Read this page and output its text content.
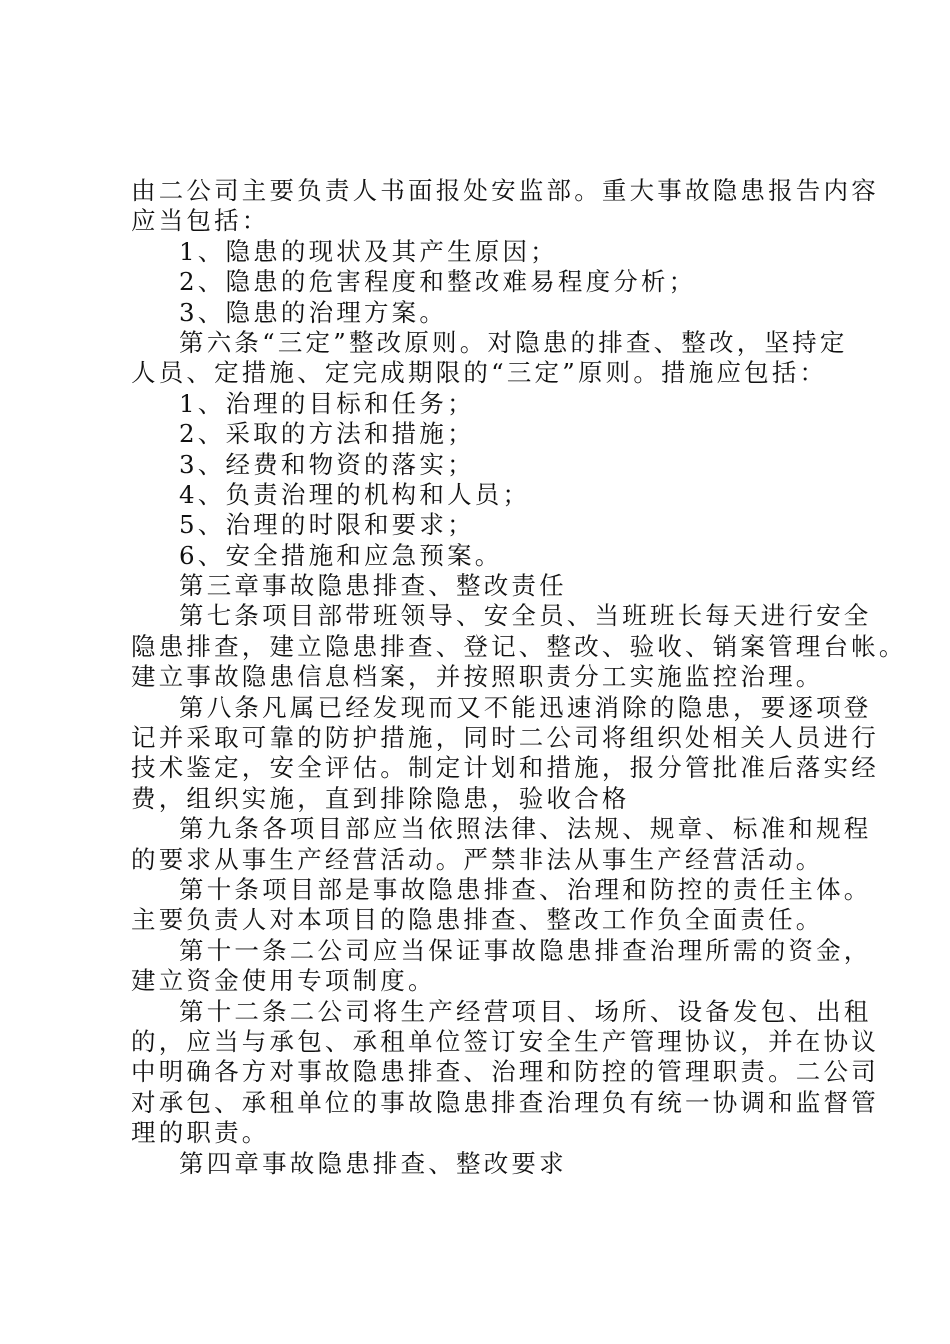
由二公司主要负责人书面报处安监部。重大事故隐患报告内容
应当包括：
1、隐患的现状及其产生原因；
2、隐患的危害程度和整改难易程度分析；
3、隐患的治理方案。
第六条“三定”整改原则。对隐患的排查、整改，坚持定
人员、定措施、定完成期限的“三定”原则。措施应包括：
1、治理的目标和任务；
2、采取的方法和措施；
3、经费和物资的落实；
4、负责治理的机构和人员；
5、治理的时限和要求；
6、安全措施和应急预案。
第三章事故隐患排查、整改责任
第七条项目部带班领导、安全员、当班班长每天进行安全
隐患排查，建立隐患排查、登记、整改、验收、销案管理台帐。
建立事故隐患信息档案，并按照职责分工实施监控治理。
第八条凡属已经发现而又不能迅速消除的隐患，要逐项登
记并采取可靠的防护措施，同时二公司将组织处相关人员进行
技术鉴定，安全评估。制定计划和措施，报分管批准后落实经
费，组织实施，直到排除隐患，验收合格
第九条各项目部应当依照法律、法规、规章、标准和规程
的要求从事生产经营活动。严禁非法从事生产经营活动。
第十条项目部是事故隐患排查、治理和防控的责任主体。
主要负责人对本项目的隐患排查、整改工作负全面责任。
第十一条二公司应当保证事故隐患排查治理所需的资金，
建立资金使用专项制度。
第十二条二公司将生产经营项目、场所、设备发包、出租
的，应当与承包、承租单位签订安全生产管理协议，并在协议
中明确各方对事故隐患排查、治理和防控的管理职责。二公司
对承包、承租单位的事故隐患排查治理负有统一协调和监督管
理的职责。
第四章事故隐患排查、整改要求
